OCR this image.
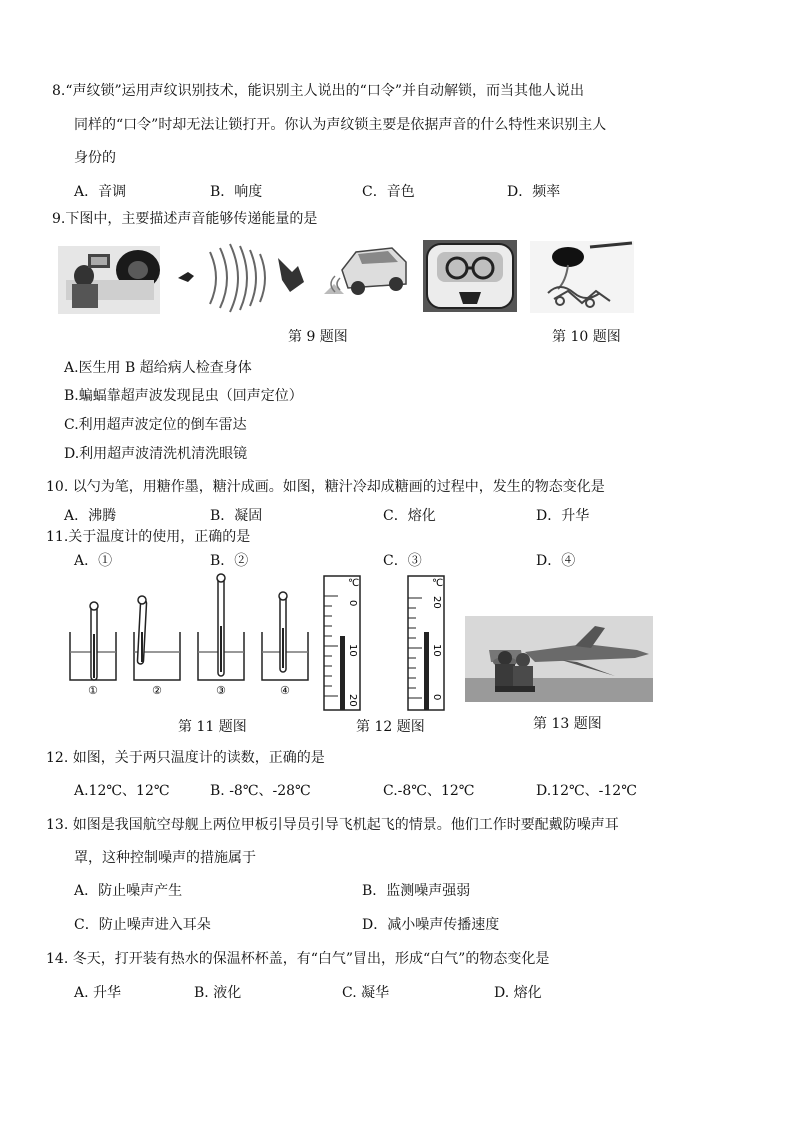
8.“声纹锁”运用声纹识别技术，能识别主人说出的“口令”并自动解锁，而当其他人说出
同样的“口令”时却无法让锁打开。你认为声纹锁主要是依据声音的什么特性来识别主人
身份的
A．音调	B．响度	C．音色	D．频率
9.下图中，主要描述声音能够传递能量的是
第 9 题图	第 10 题图
A.医生用 B 超给病人检查身体
B.蝙蝠靠超声波发现昆虫（回声定位）
C.利用超声波定位的倒车雷达
D.利用超声波清洗机清洗眼镜
10. 以勺为笔，用糖作墨，糖汁成画。如图，糖汁冷却成糖画的过程中，发生的物态变化是
A．沸腾	B．凝固	C．熔化	D．升华
11.关于温度计的使用，正确的是
A．①	B．②	C．③	D．④
①	②	③	④
℃
0
10
20
℃
20
10
0
第 11 题图	第 12 题图	第 13 题图
12. 如图，关于两只温度计的读数，正确的是
A.12℃、12℃	B. -8℃、-28℃	C.-8℃、12℃	D.12℃、-12℃
13. 如图是我国航空母舰上两位甲板引导员引导飞机起飞的情景。他们工作时要配戴防噪声耳
罩，这种控制噪声的措施属于
A．防止噪声产生	B．监测噪声强弱
C．防止噪声进入耳朵	D．减小噪声传播速度
14. 冬天，打开装有热水的保温杯杯盖，有“白气”冒出，形成“白气”的物态变化是
A. 升华	B. 液化	C. 凝华	D. 熔化
